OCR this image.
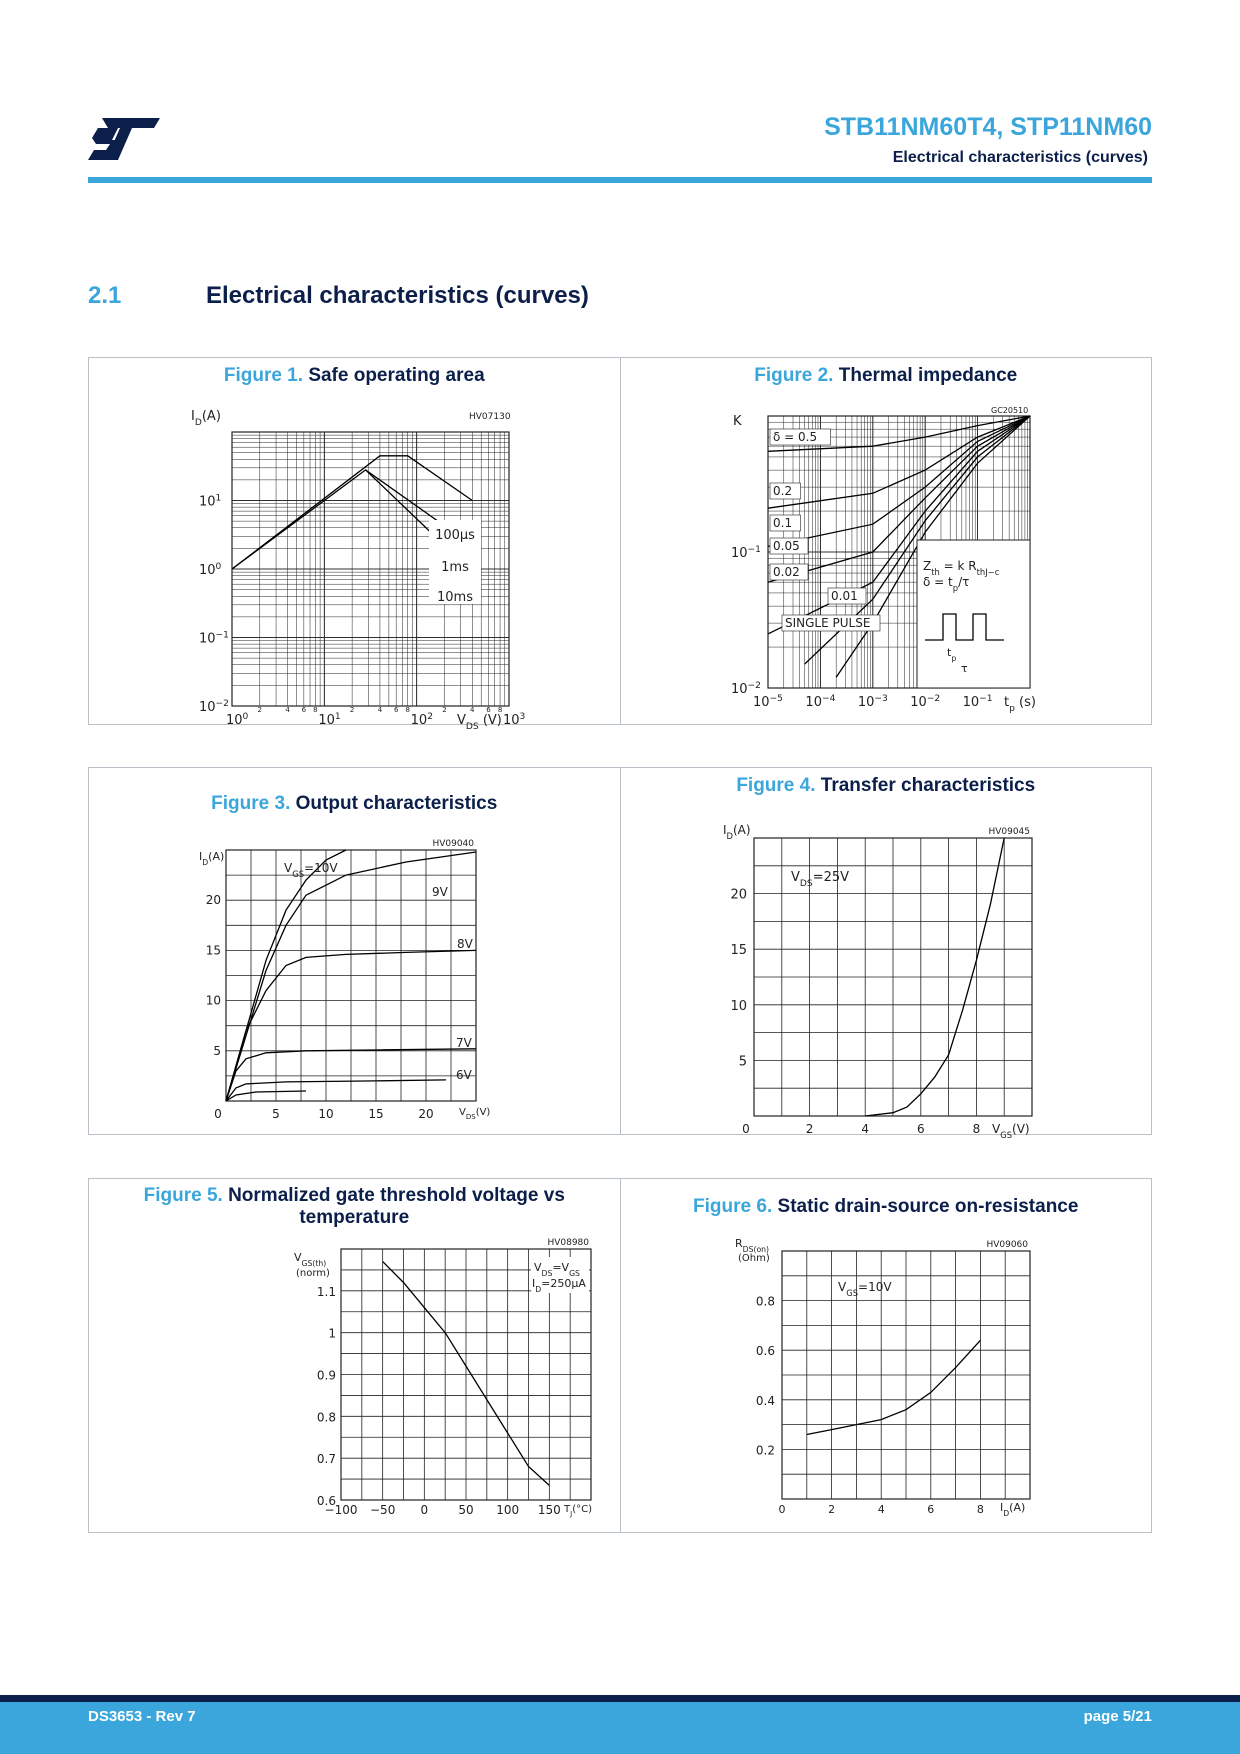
STB11NM60T4, STP11NM60
Electrical characteristics (curves)
2.1	Electrical characteristics (curves)
Figure 1. Safe operating area
HV07130
$I_D(A)$
$10^1$
$10^0$
$10^{-1}$
$10^{-2}$
$10^0$	$10^1$	$10^2$	$10^3$
$V_{DS}$ (V)
2	4 6 8	2	4 6 8	2	4 6 8
100µs
1ms
10ms
Figure 2. Thermal impedance
GC20510
K
$10^{-1}$
$10^{-2}$
$10^{-5}$ $10^{-4}$ $10^{-3}$ $10^{-2}$ $10^{-1}$ $t_p$ (s)
δ = 0.5
0.2
0.1
0.05
0.02
0.01
SINGLE PULSE
$Z_{th} = k$ $R_{thJ-c}$
$\delta = t_p/\tau$
$t_p$
τ
Figure 3. Output characteristics
HV09040
$I_D(A)$
5
10
15
20
0	5	10	15	20	$V_{DS}(V)$
$V_{GS}=10V$
9V
8V
7V
6V
Figure 4. Transfer characteristics
HV09045
$I_D(A)$
5
10
15
20
0	2	4	6	8 $V_{GS}(V)$
$V_{DS}=25V$
Figure 5. Normalized gate threshold voltage vs temperature
HV08980
$V_{GS(th)}$
(norm)
0.6
0.7
0.8
0.9
1
1.1
−100 −50 0	50 100 150 $T_J(^\circ C)$
$V_{DS}=V_{GS}$
$I_D=250\mu A$
Figure 6. Static drain-source on-resistance
HV09060
$R_{DS(on)}$
(Ohm)
0.2
0.4
0.6
0.8
0	2	4	6	8 $I_D(A)$
$V_{GS}=10V$
DS3653 - Rev 7	page 5/21
